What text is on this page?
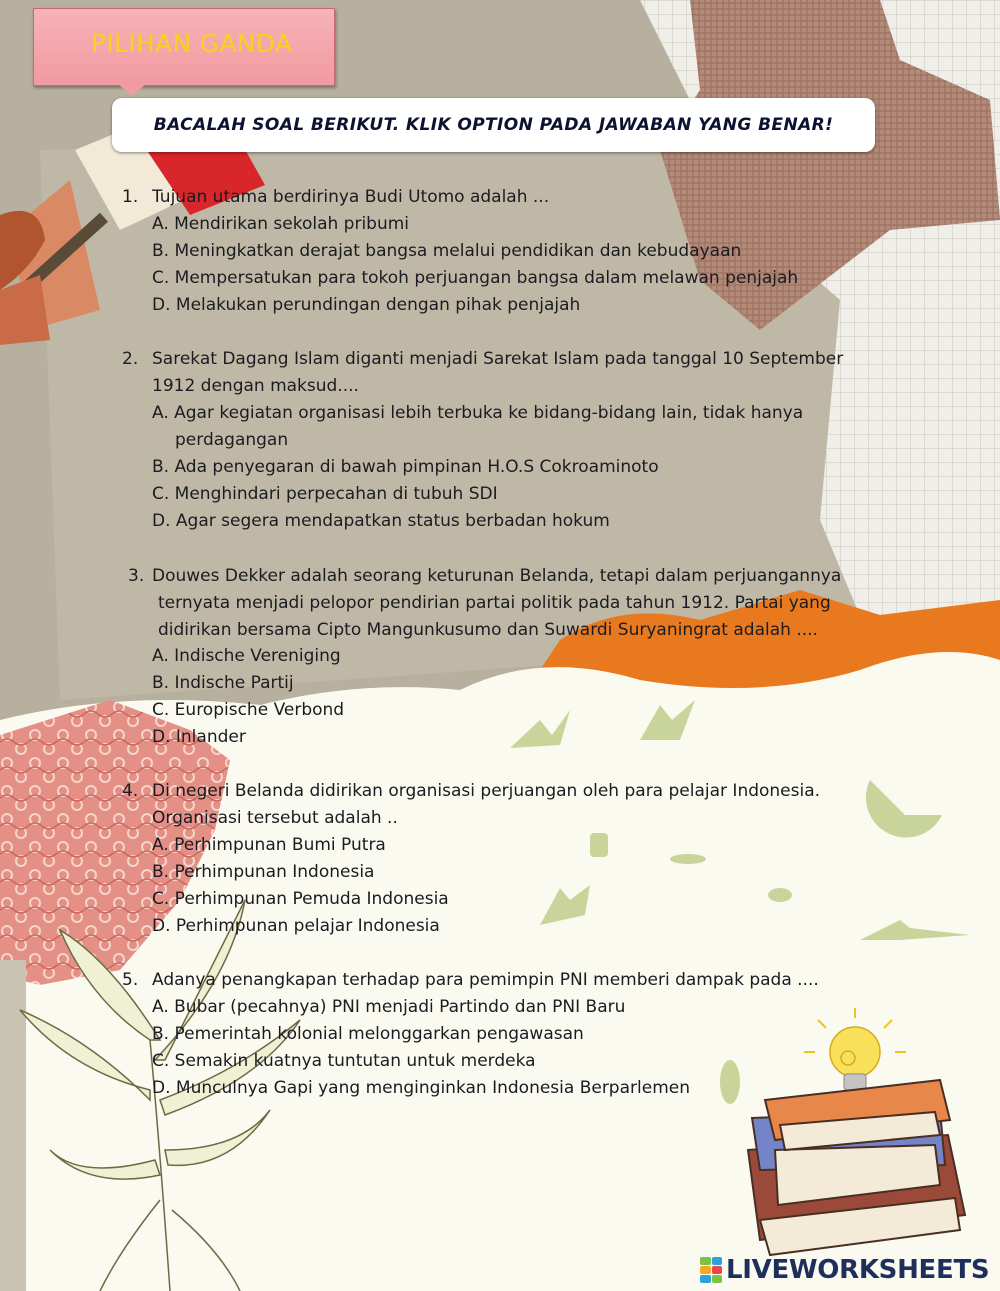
PILIHAN GANDA
BACALAH SOAL BERIKUT. KLIK OPTION PADA JAWABAN YANG BENAR!
1. Tujuan utama berdirinya Budi Utomo adalah ...
A. Mendirikan sekolah pribumi
B. Meningkatkan derajat bangsa melalui pendidikan dan kebudayaan
C. Mempersatukan para tokoh perjuangan bangsa dalam melawan penjajah
D. Melakukan perundingan dengan pihak penjajah
2. Sarekat Dagang Islam diganti menjadi Sarekat Islam pada tanggal 10 September
1912 dengan maksud....
A. Agar kegiatan organisasi lebih terbuka ke bidang-bidang lain, tidak hanya
perdagangan
B. Ada penyegaran di bawah pimpinan H.O.S Cokroaminoto
C. Menghindari perpecahan di tubuh SDI
D. Agar segera mendapatkan status berbadan hokum
3. Douwes Dekker adalah seorang keturunan Belanda, tetapi dalam perjuangannya
ternyata menjadi pelopor pendirian partai politik pada tahun 1912. Partai yang
didirikan bersama Cipto Mangunkusumo dan Suwardi Suryaningrat adalah ....
A. Indische Vereniging
B. Indische Partij
C. Europische Verbond
D. Inlander
4. Di negeri Belanda didirikan organisasi perjuangan oleh para pelajar Indonesia.
Organisasi tersebut adalah ..
A. Perhimpunan Bumi Putra
B. Perhimpunan Indonesia
C. Perhimpunan Pemuda Indonesia
D. Perhimpunan pelajar Indonesia
5. Adanya penangkapan terhadap para pemimpin PNI memberi dampak pada ....
A. Bubar (pecahnya) PNI menjadi Partindo dan PNI Baru
B. Pemerintah kolonial melonggarkan pengawasan
C. Semakin kuatnya tuntutan untuk merdeka
D. Munculnya Gapi yang menginginkan Indonesia Berparlemen
LIVEWORKSHEETS
